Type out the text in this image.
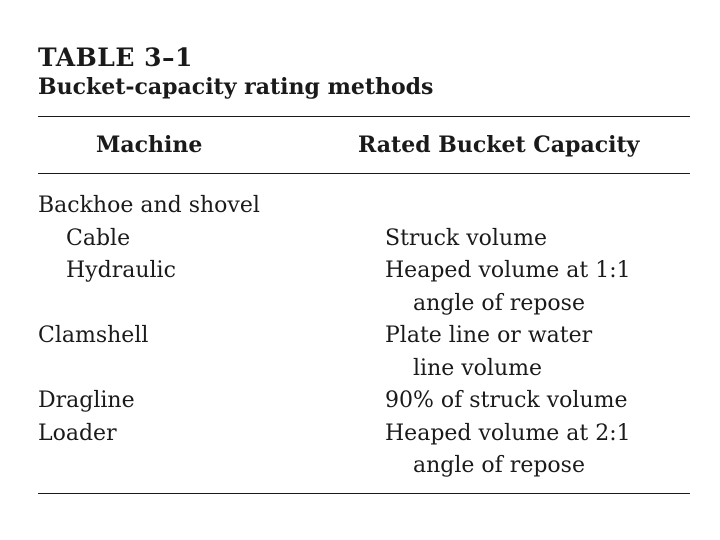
TABLE 3–1
Bucket-capacity rating methods
Machine	Rated Bucket Capacity
Backhoe and shovel
Cable	Struck volume
Hydraulic	Heaped volume at 1:1
angle of repose
Clamshell	Plate line or water
line volume
Dragline	90% of struck volume
Loader	Heaped volume at 2:1
angle of repose
